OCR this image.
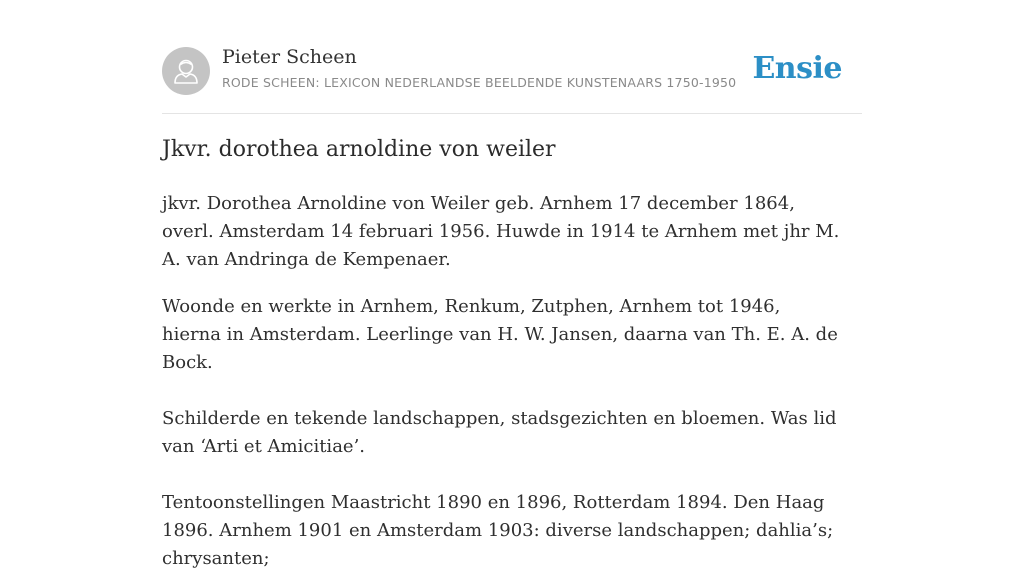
Pieter Scheen
RODE SCHEEN: LEXICON NEDERLANDSE BEELDENDE KUNSTENAARS 1750-1950 Ensie
Jkvr. dorothea arnoldine von weiler

jkvr. Dorothea Arnoldine von Weiler geb. Arnhem 17 december 1864, overl. Amsterdam 14 februari 1956. Huwde in 1914 te Arnhem met jhr M. A. van Andringa de Kempenaer.

Woonde en werkte in Arnhem, Renkum, Zutphen, Arnhem tot 1946, hierna in Amsterdam. Leerlinge van H. W. Jansen, daarna van Th. E. A. de Bock.

Schilderde en tekende landschappen, stadsgezichten en bloemen. Was lid van ‘Arti et Amicitiae’.

Tentoonstellingen Maastricht 1890 en 1896, Rotterdam 1894. Den Haag 1896. Arnhem 1901 en Amsterdam 1903: diverse landschappen; dahlia’s; chrysanten;
